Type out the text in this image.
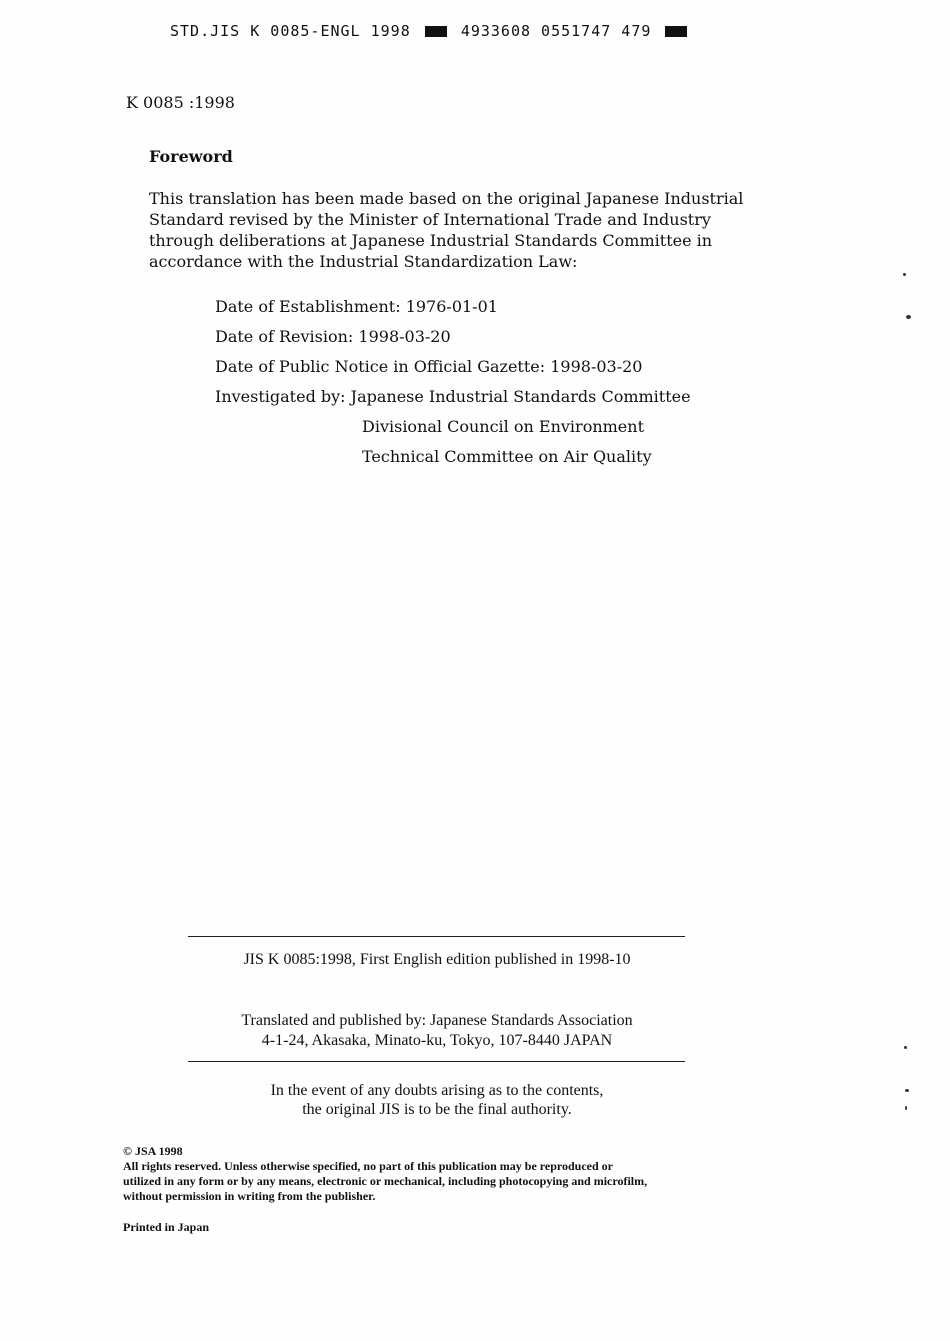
STD.JIS K 0085-ENGL 1998	4933608 0551747 479
K 0085 :1998
Foreword
This translation has been made based on the original Japanese Industrial
Standard revised by the Minister of International Trade and Industry
through deliberations at Japanese Industrial Standards Committee in
accordance with the Industrial Standardization Law:
Date of Establishment: 1976-01-01
Date of Revision: 1998-03-20
Date of Public Notice in Official Gazette: 1998-03-20
Investigated by: Japanese Industrial Standards Committee
Divisional Council on Environment
Technical Committee on Air Quality
JIS K 0085:1998, First English edition published in 1998-10
Translated and published by: Japanese Standards Association
4-1-24, Akasaka, Minato-ku, Tokyo, 107-8440 JAPAN
In the event of any doubts arising as to the contents,
the original JIS is to be the final authority.
© JSA 1998
All rights reserved. Unless otherwise specified, no part of this publication may be reproduced or
utilized in any form or by any means, electronic or mechanical, including photocopying and microfilm,
without permission in writing from the publisher.
Printed in Japan
